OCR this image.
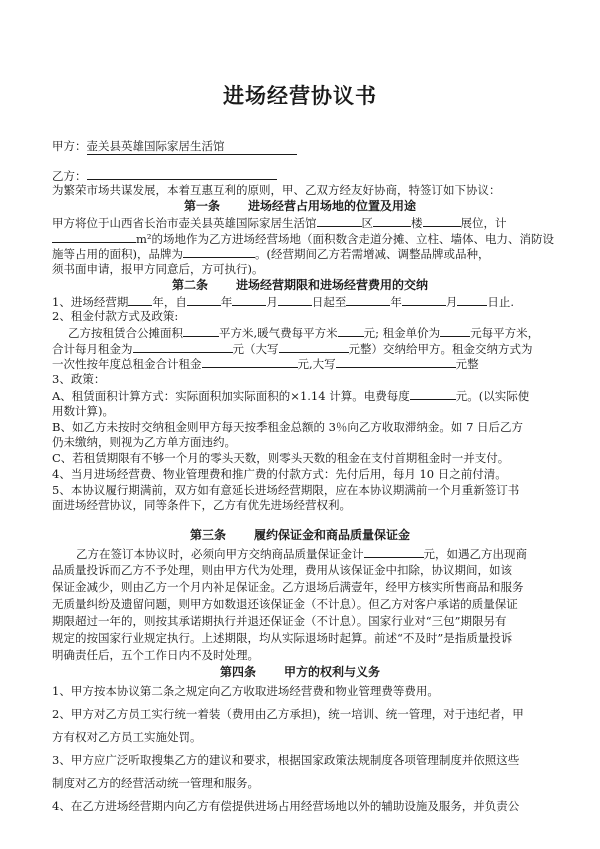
进场经营协议书
甲方：壶关县英雄国际家居生活馆
乙方：
为繁荣市场共谋发展，本着互惠互利的原则，甲、乙双方经友好协商，特签订如下协议：
第一条 进场经营占用场地的位置及用途
甲方将位于山西省长治市壶关县英雄国际家居生活馆	区	楼	展位，计
m²的场地作为乙方进场经营场地（面积数含走道分摊、立柱、墙体、电力、消防设
施等占用的面积)，品牌为	。(经营期间乙方若需增减、调整品牌或品种，
须书面申请，报甲方同意后，方可执行)。
第二条 进场经营期限和进场经营费用的交纳
1、进场经营期 年，自	年	月	日起至	年	月	日止.
2、租金付款方式及政策:
乙方按租赁合公摊面积	平方米,暖气费每平方米 元; 租金单价为	元每平方米，
合计每月租金为	元（大写	元整）交纳给甲方。租金交纳方式为
一次性按年度总租金合计租金	元,大写	元整
3、政策：
A、租赁面积计算方式：实际面积加实际面积的×1.14 计算。电费每度	元。(以实际使
用数计算)。
B、如乙方未按时交纳租金则甲方每天按季租金总额的 3％向乙方收取滞纳金。如 7 日后乙方
仍未缴纳，则视为乙方单方面违约。
C、若租赁期限有不够一个月的零头天数，则零头天数的租金在支付首期租金时一并支付。
4、当月进场经营费、物业管理费和推广费的付款方式：先付后用，每月 10 日之前付清。
5、本协议履行期满前，双方如有意延长进场经营期限，应在本协议期满前一个月重新签订书
面进场经营协议，同等条件下，乙方有优先进场经营权利。
第三条 履约保证金和商品质量保证金
乙方在签订本协议时，必须向甲方交纳商品质量保证金计	元，如遇乙方出现商
品质量投诉而乙方不予处理，则由甲方代为处理，费用从该保证金中扣除，协议期间，如该
保证金减少，则由乙方一个月内补足保证金。乙方退场后满壹年，经甲方核实所售商品和服务
无质量纠纷及遗留问题，则甲方如数退还该保证金（不计息）。但乙方对客户承诺的质量保证
期限超过一年的，则按其承诺期执行并退还保证金（不计息）。国家行业对“三包”期限另有
规定的按国家行业规定执行。上述期限，均从实际退场时起算。前述“不及时”是指质量投诉
明确责任后，五个工作日内不及时处理。
第四条 甲方的权利与义务
1、甲方按本协议第二条之规定向乙方收取进场经营费和物业管理费等费用。
2、甲方对乙方员工实行统一着装（费用由乙方承担)，统一培训、统一管理，对于违纪者，甲
方有权对乙方员工实施处罚。
3、甲方应广泛听取搜集乙方的建议和要求，根据国家政策法规制度各项管理制度并依照这些
制度对乙方的经营活动统一管理和服务。
4、在乙方进场经营期内向乙方有偿提供进场占用经营场地以外的辅助设施及服务，并负责公
